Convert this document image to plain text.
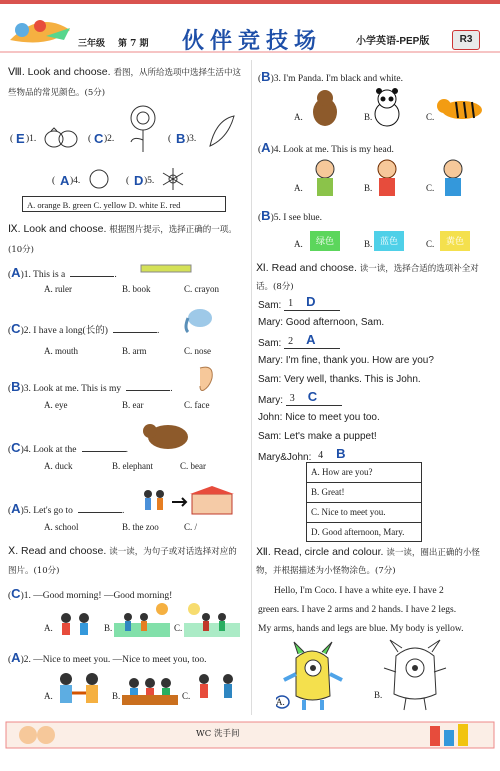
三年级 第 7 期 伙伴竞技场	小学英语-PEP版	R3
Ⅷ. Look and choose. 看图，从所给选项中选择生活中这
些物品的常见颜色。(5分)
( E )1.	( C )2.	( B )3.
( A )4.	( D )5.
A. orange B. green C. yellow D. white E. red
Ⅸ. Look and choose. 根据图片提示，选择正确的一项。
(10分)
(A)1. This is a	.
A. ruler	B. book	C. crayon
(C)2. I have a long(长的)	.
A. mouth	B. arm	C. nose
(B)3. Look at me. This is my	.
A. eye	B. ear	C. face
(C)4. Look at the	.
A. duck	B. elephant	C. bear
(A)5. Let's go to	.
A. school	B. the zoo	C. /
Ⅹ. Read and choose. 读一读，为句子或对话选择对应的
图片。(10分)
(C)1. —Good morning! —Good morning!
A.	B.	C.
(A)2. —Nice to meet you. —Nice to meet you, too.
A.	B.	C.
(B)3. I'm Panda. I'm black and white.
A.	B.	C.
(A)4. Look at me. This is my head.
A.	B.	C.
(B)5. I see blue.
A.	B.	C.
绿色	蓝色	黄色
Ⅺ. Read and choose. 读一读，选择合适的选项补全对
话。(8分)
Sam: 1 D
Mary: Good afternoon, Sam.
Sam: 2 A
Mary: I'm fine, thank you. How are you?
Sam: Very well, thanks. This is John.
Mary: 3 C
John: Nice to meet you too.
Sam: Let's make a puppet!
Mary&John: 4 B
A. How are you?
B. Great!
C. Nice to meet you.
D. Good afternoon, Mary.
Ⅻ. Read, circle and colour. 读一读，圈出正确的小怪
物，并根据描述为小怪物涂色。(7分)
Hello, I'm Coco. I have a white eye. I have 2
green ears. I have 2 arms and 2 hands. I have 2 legs.
My arms, hands and legs are blue. My body is yellow.
A.
B.
WC 洗手间
